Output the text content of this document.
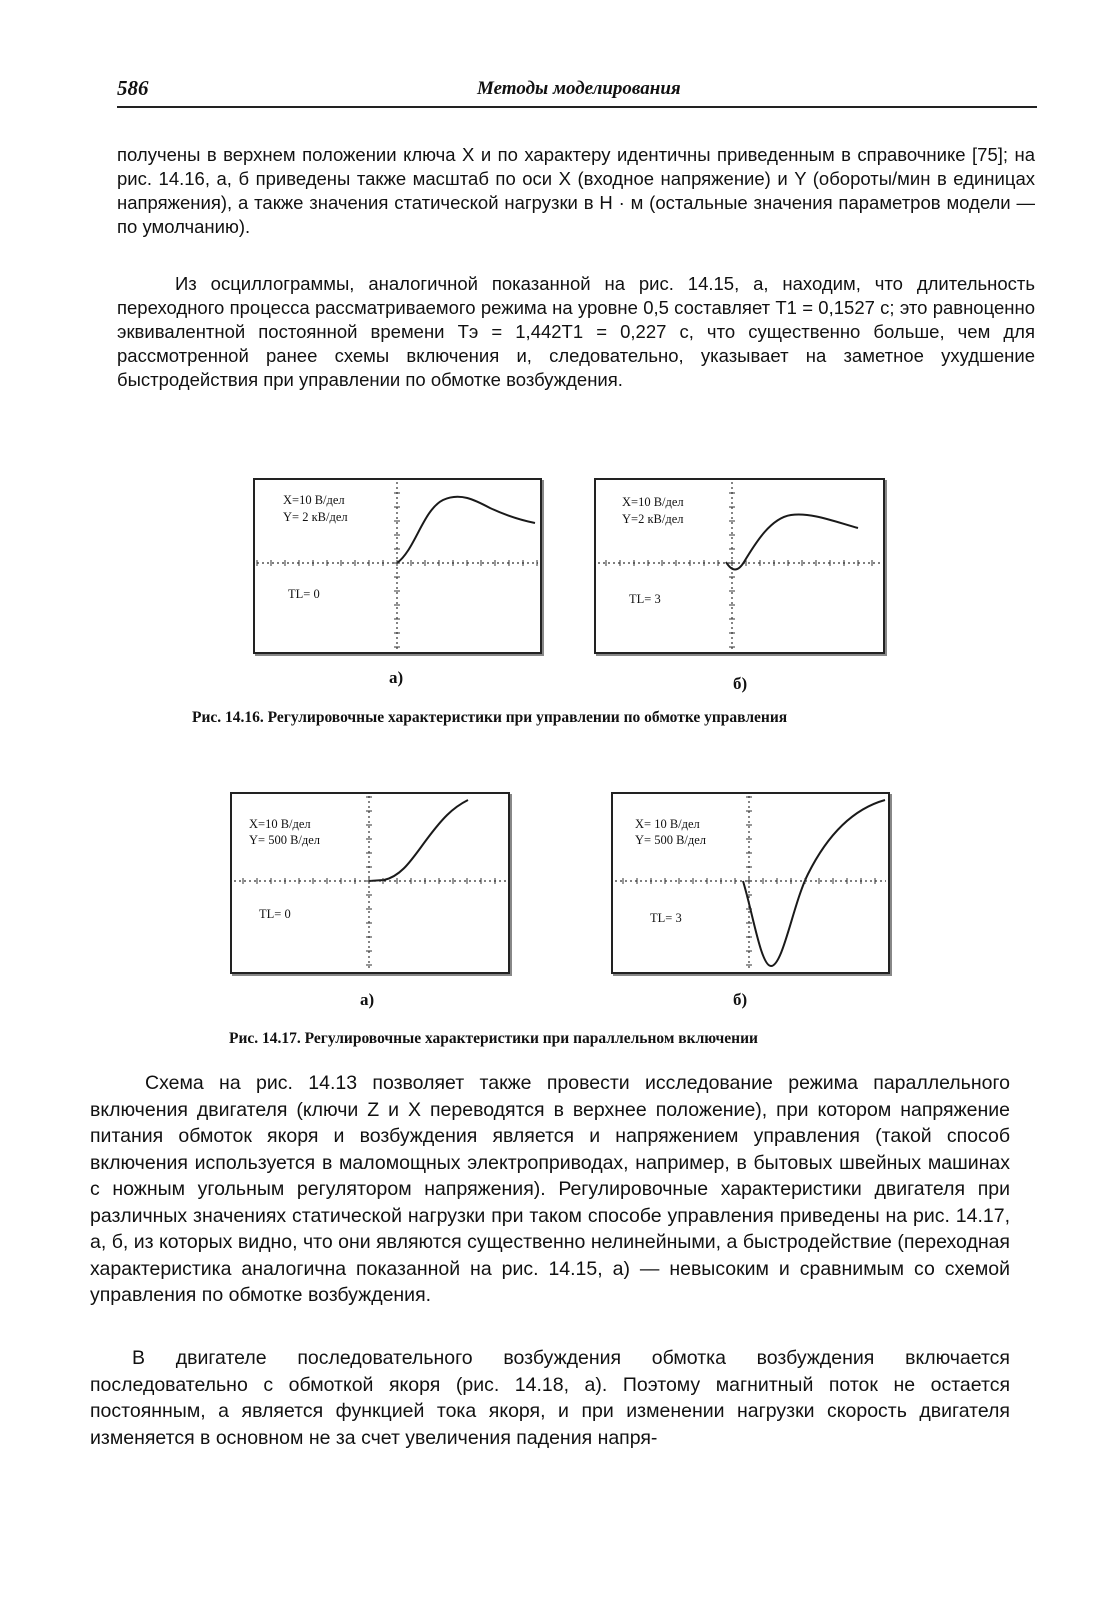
586	Методы моделирования

получены в верхнем положении ключа X и по характеру идентичны приведенным в справочнике [75]; на рис. 14.16, а, б приведены также масштаб по оси X (входное напряжение) и Y (обороты/мин в единицах напряжения), а также значения статической нагрузки в Н · м (остальные значения параметров модели — по умолчанию).

Из осциллограммы, аналогичной показанной на рис. 14.15, а, находим, что длительность переходного процесса рассматриваемого режима на уровне 0,5 составляет T1 = 0,1527 с; это равноценно эквивалентной постоянной времени Tэ = 1,442T1 = 0,227 с, что существенно больше, чем для рассмотренной ранее схемы включения и, следовательно, указывает на заметное ухудшение быстродействия при управлении по обмотке возбуждения.

X=10 В/дел
Y= 2 кВ/дел
TL= 0
а)
X=10 В/дел
Y=2 кВ/дел
TL= 3
б)
Рис. 14.16. Регулировочные характеристики при управлении по обмотке управления
X=10 В/дел
Y= 500 В/дел
TL= 0
а)
X= 10 В/дел
Y= 500 В/дел
TL= 3
б)
Рис. 14.17. Регулировочные характеристики при параллельном включении

Схема на рис. 14.13 позволяет также провести исследование режима параллельного включения двигателя (ключи Z и X переводятся в верхнее положение), при котором напряжение питания обмоток якоря и возбуждения является и напряжением управления (такой способ включения используется в маломощных электроприводах, например, в бытовых швейных машинах с ножным угольным регулятором напряжения). Регулировочные характеристики двигателя при различных значениях статической нагрузки при таком способе управления приведены на рис. 14.17, а, б, из которых видно, что они являются существенно нелинейными, а быстродействие (переходная характеристика аналогична показанной на рис. 14.15, а) — невысоким и сравнимым со схемой управления по обмотке возбуждения.

В двигателе последовательного возбуждения обмотка возбуждения включается последовательно с обмоткой якоря (рис. 14.18, а). Поэтому магнитный поток не остается постоянным, а является функцией тока якоря, и при изменении нагрузки скорость двигателя изменяется в основном не за счет увеличения падения напря-
